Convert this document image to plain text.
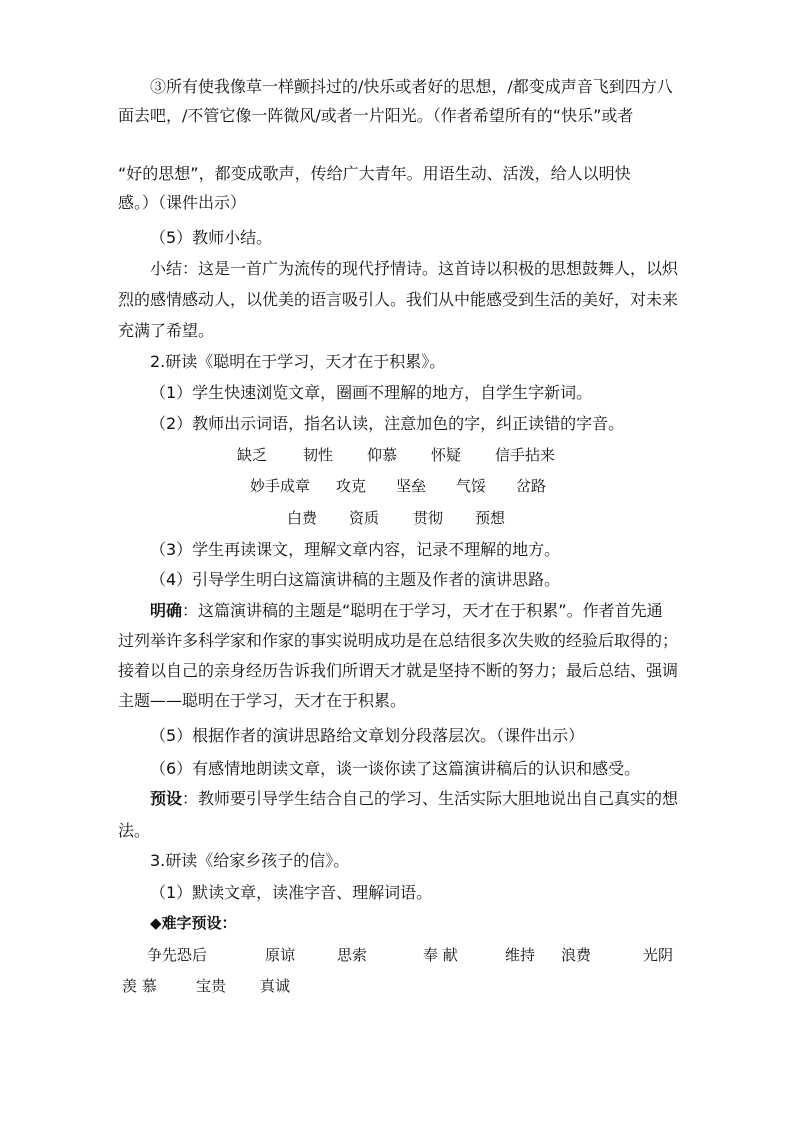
③所有使我像草一样颤抖过的/快乐或者好的思想，/都变成声音飞到四方八
面去吧，/不管它像一阵微风/或者一片阳光。（作者希望所有的“快乐”或者
“好的思想”，都变成歌声，传给广大青年。用语生动、活泼，给人以明快
感。）（课件出示）
（5）教师小结。
小结：这是一首广为流传的现代抒情诗。这首诗以积极的思想鼓舞人，以炽
烈的感情感动人，以优美的语言吸引人。我们从中能感受到生活的美好，对未来
充满了希望。
2.研读《聪明在于学习，天才在于积累》。
（1）学生快速浏览文章，圈画不理解的地方，自学生字新词。
（2）教师出示词语，指名认读，注意加色的字，纠正读错的字音。
缺乏 韧性 仰慕 怀疑 信手拈来
妙手成章 攻克 坚垒 气馁 岔路
白费 资质 贯彻 预想
（3）学生再读课文，理解文章内容，记录不理解的地方。
（4）引导学生明白这篇演讲稿的主题及作者的演讲思路。
明确：这篇演讲稿的主题是“聪明在于学习，天才在于积累”。作者首先通
过列举许多科学家和作家的事实说明成功是在总结很多次失败的经验后取得的；
接着以自己的亲身经历告诉我们所谓天才就是坚持不断的努力；最后总结、强调
主题——聪明在于学习，天才在于积累。
（5）根据作者的演讲思路给文章划分段落层次。（课件出示）
（6）有感情地朗读文章，谈一谈你读了这篇演讲稿后的认识和感受。
预设：教师要引导学生结合自己的学习、生活实际大胆地说出自己真实的想
法。
3.研读《给家乡孩子的信》。
（1）默读文章，读准字音、理解词语。
◆难字预设：
争先恐后	原谅	思索	奉 献	维持 浪费	光阴
羡 慕	宝贵 真诚
